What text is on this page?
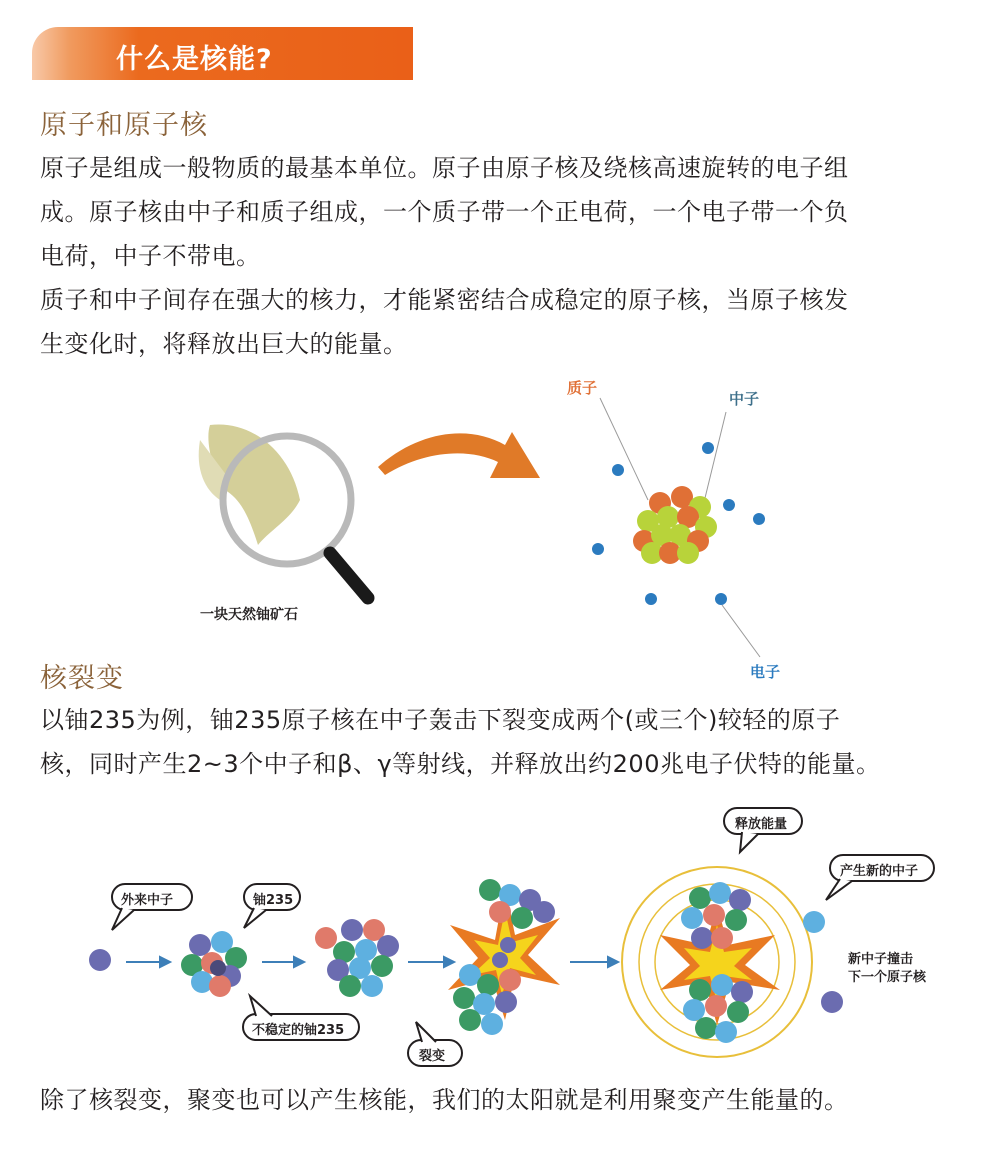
什么是核能?
原子和原子核
原子是组成一般物质的最基本单位。原子由原子核及绕核高速旋转的电子组
成。原子核由中子和质子组成，一个质子带一个正电荷，一个电子带一个负
电荷，中子不带电。
质子和中子间存在强大的核力，才能紧密结合成稳定的原子核，当原子核发
生变化时，将释放出巨大的能量。
一块天然铀矿石
质子
中子
电子
核裂变
以铀235为例，铀235原子核在中子轰击下裂变成两个(或三个)较轻的原子
核，同时产生2~3个中子和β、γ等射线，并释放出约200兆电子伏特的能量。
外来中子	铀235
不稳定的铀235
裂变
释放能量
产生新的中子
新中子撞击
下一个原子核
除了核裂变，聚变也可以产生核能，我们的太阳就是利用聚变产生能量的。
